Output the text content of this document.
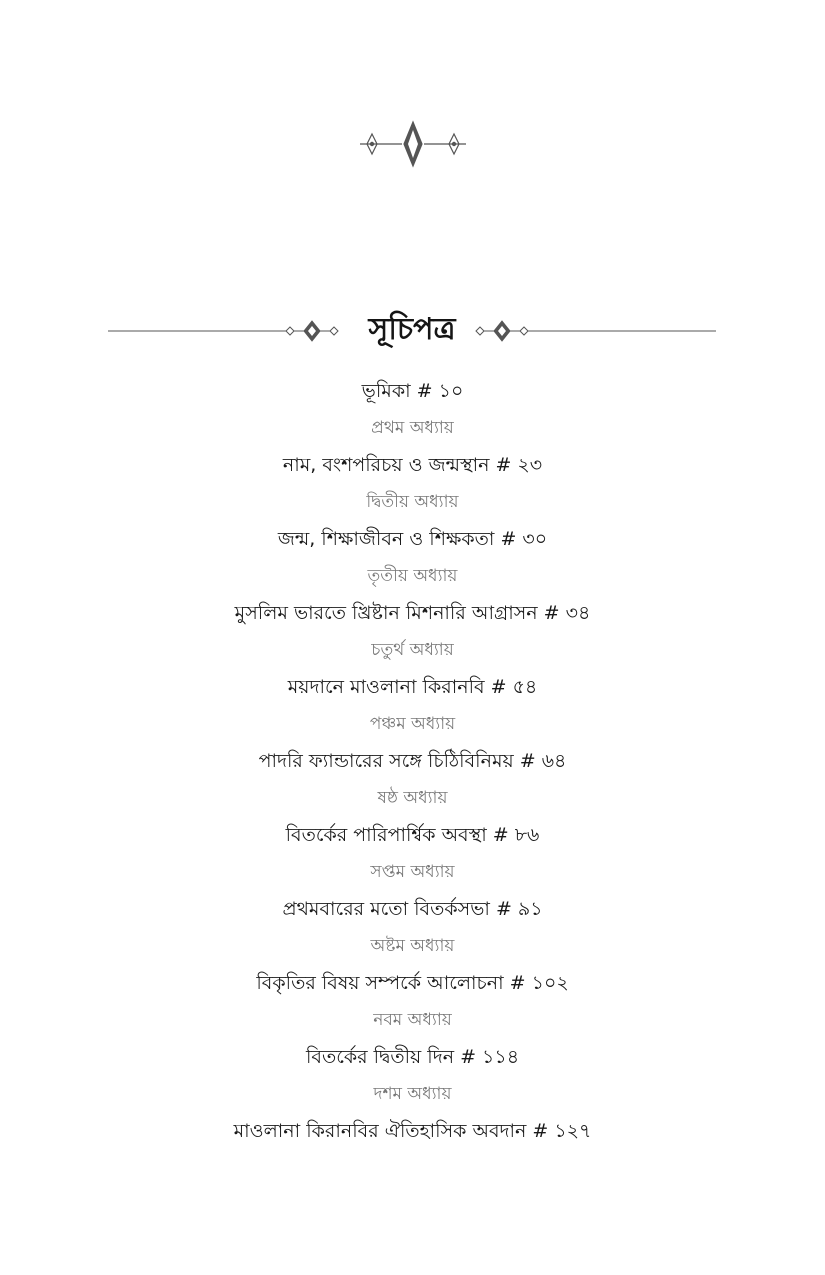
সূচিপত্র
ভূমিকা # ১০
প্রথম অধ্যায়
নাম, বংশপরিচয় ও জন্মস্থান # ২৩
দ্বিতীয় অধ্যায়
জন্ম, শিক্ষাজীবন ও শিক্ষকতা # ৩০
তৃতীয় অধ্যায়
মুসলিম ভারতে খ্রিষ্টান মিশনারি আগ্রাসন # ৩৪
চতুর্থ অধ্যায়
ময়দানে মাওলানা কিরানবি # ৫৪
পঞ্চম অধ্যায়
পাদরি ফ্যান্ডারের সঙ্গে চিঠিবিনিময় # ৬৪
ষষ্ঠ অধ্যায়
বিতর্কের পারিপার্শ্বিক অবস্থা # ৮৬
সপ্তম অধ্যায়
প্রথমবারের মতো বিতর্কসভা # ৯১
অষ্টম অধ্যায়
বিকৃতির বিষয় সম্পর্কে আলোচনা # ১০২
নবম অধ্যায়
বিতর্কের দ্বিতীয় দিন # ১১৪
দশম অধ্যায়
মাওলানা কিরানবির ঐতিহাসিক অবদান # ১২৭
